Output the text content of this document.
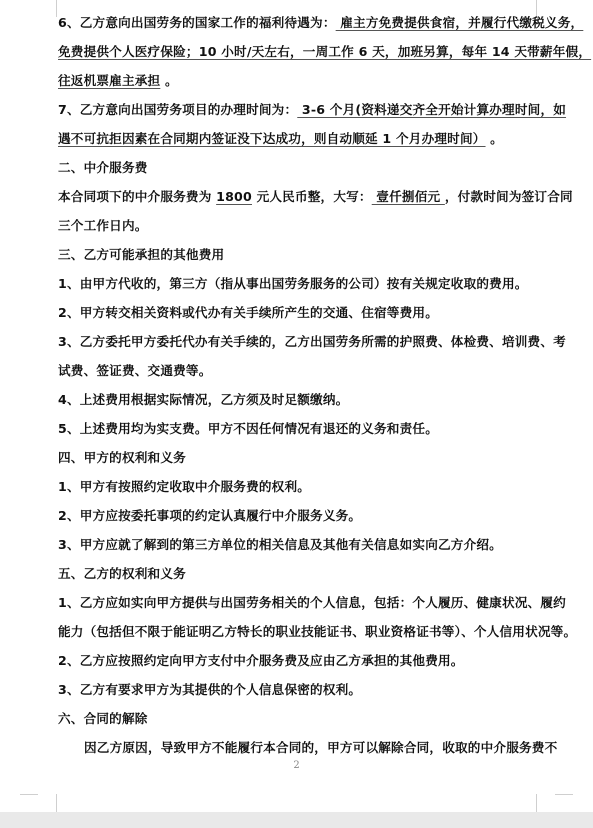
6、乙方意向出国劳务的国家工作的福利待遇为： 雇主方免费提供食宿，并履行代缴税义务，
免费提供个人医疗保险；10 小时/天左右，一周工作 6 天，加班另算，每年 14 天带薪年假，
往返机票雇主承担 。
7、乙方意向出国劳务项目的办理时间为： 3-6 个月(资料递交齐全开始计算办理时间，如
遇不可抗拒因素在合同期内签证没下达成功，则自动顺延 1 个月办理时间） 。
二、中介服务费
本合同项下的中介服务费为 1800 元人民币整，大写： 壹仟捌佰元 ，付款时间为签订合同
三个工作日内。
三、乙方可能承担的其他费用
1、由甲方代收的，第三方（指从事出国劳务服务的公司）按有关规定收取的费用。
2、甲方转交相关资料或代办有关手续所产生的交通、住宿等费用。
3、乙方委托甲方委托代办有关手续的，乙方出国劳务所需的护照费、体检费、培训费、考
试费、签证费、交通费等。
4、上述费用根据实际情况，乙方须及时足额缴纳。
5、上述费用均为实支费。甲方不因任何情况有退还的义务和责任。
四、甲方的权利和义务
1、甲方有按照约定收取中介服务费的权利。
2、甲方应按委托事项的约定认真履行中介服务义务。
3、甲方应就了解到的第三方单位的相关信息及其他有关信息如实向乙方介绍。
五、乙方的权利和义务
1、乙方应如实向甲方提供与出国劳务相关的个人信息，包括：个人履历、健康状况、履约
能力（包括但不限于能证明乙方特长的职业技能证书、职业资格证书等）、个人信用状况等。
2、乙方应按照约定向甲方支付中介服务费及应由乙方承担的其他费用。
3、乙方有要求甲方为其提供的个人信息保密的权利。
六、合同的解除
因乙方原因，导致甲方不能履行本合同的，甲方可以解除合同，收取的中介服务费不
2
